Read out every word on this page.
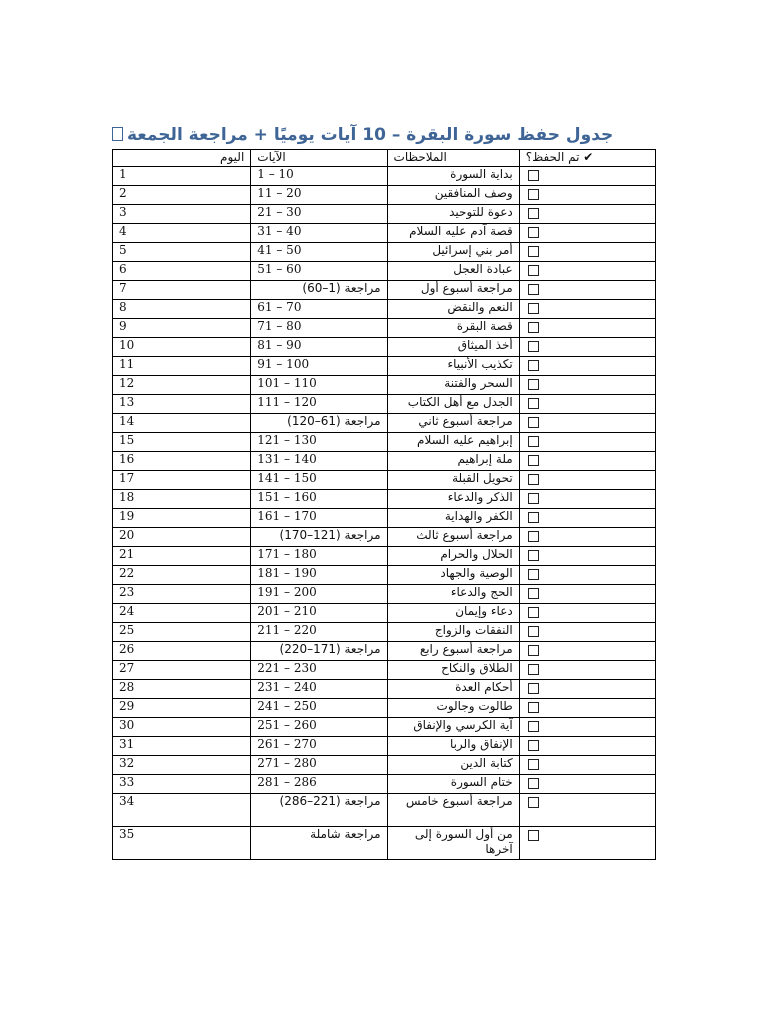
جدول حفظ سورة البقرة – 10 آيات يوميًا + مراجعة الجمعة
اليوم	الآيات	الملاحظات	تم الحفظ؟ ✔
1	1 – 10	بداية السورة	
2	11 – 20	وصف المنافقين	
3	21 – 30	دعوة للتوحيد	
4	31 – 40	قصة آدم عليه السلام	
5	41 – 50	أمر بني إسرائيل	
6	51 – 60	عبادة العجل	
7	مراجعة (1–60)	مراجعة أسبوع أول	
8	61 – 70	النعم والنقض	
9	71 – 80	قصة البقرة	
10	81 – 90	أخذ الميثاق	
11	91 – 100	تكذيب الأنبياء	
12	101 – 110	السحر والفتنة	
13	111 – 120	الجدل مع أهل الكتاب	
14	مراجعة (61–120)	مراجعة أسبوع ثاني	
15	121 – 130	إبراهيم عليه السلام	
16	131 – 140	ملة إبراهيم	
17	141 – 150	تحويل القبلة	
18	151 – 160	الذكر والدعاء	
19	161 – 170	الكفر والهداية	
20	مراجعة (121–170)	مراجعة أسبوع ثالث	
21	171 – 180	الحلال والحرام	
22	181 – 190	الوصية والجهاد	
23	191 – 200	الحج والدعاء	
24	201 – 210	دعاء وإيمان	
25	211 – 220	النفقات والزواج	
26	مراجعة (171–220)	مراجعة أسبوع رابع	
27	221 – 230	الطلاق والنكاح	
28	231 – 240	أحكام العدة	
29	241 – 250	طالوت وجالوت	
30	251 – 260	آية الكرسي والإنفاق	
31	261 – 270	الإنفاق والربا	
32	271 – 280	كتابة الدين	
33	281 – 286	ختام السورة	
34	مراجعة (221–286)	مراجعة أسبوع خامس	
35	مراجعة شاملة	من أول السورة إلى آخرها	
